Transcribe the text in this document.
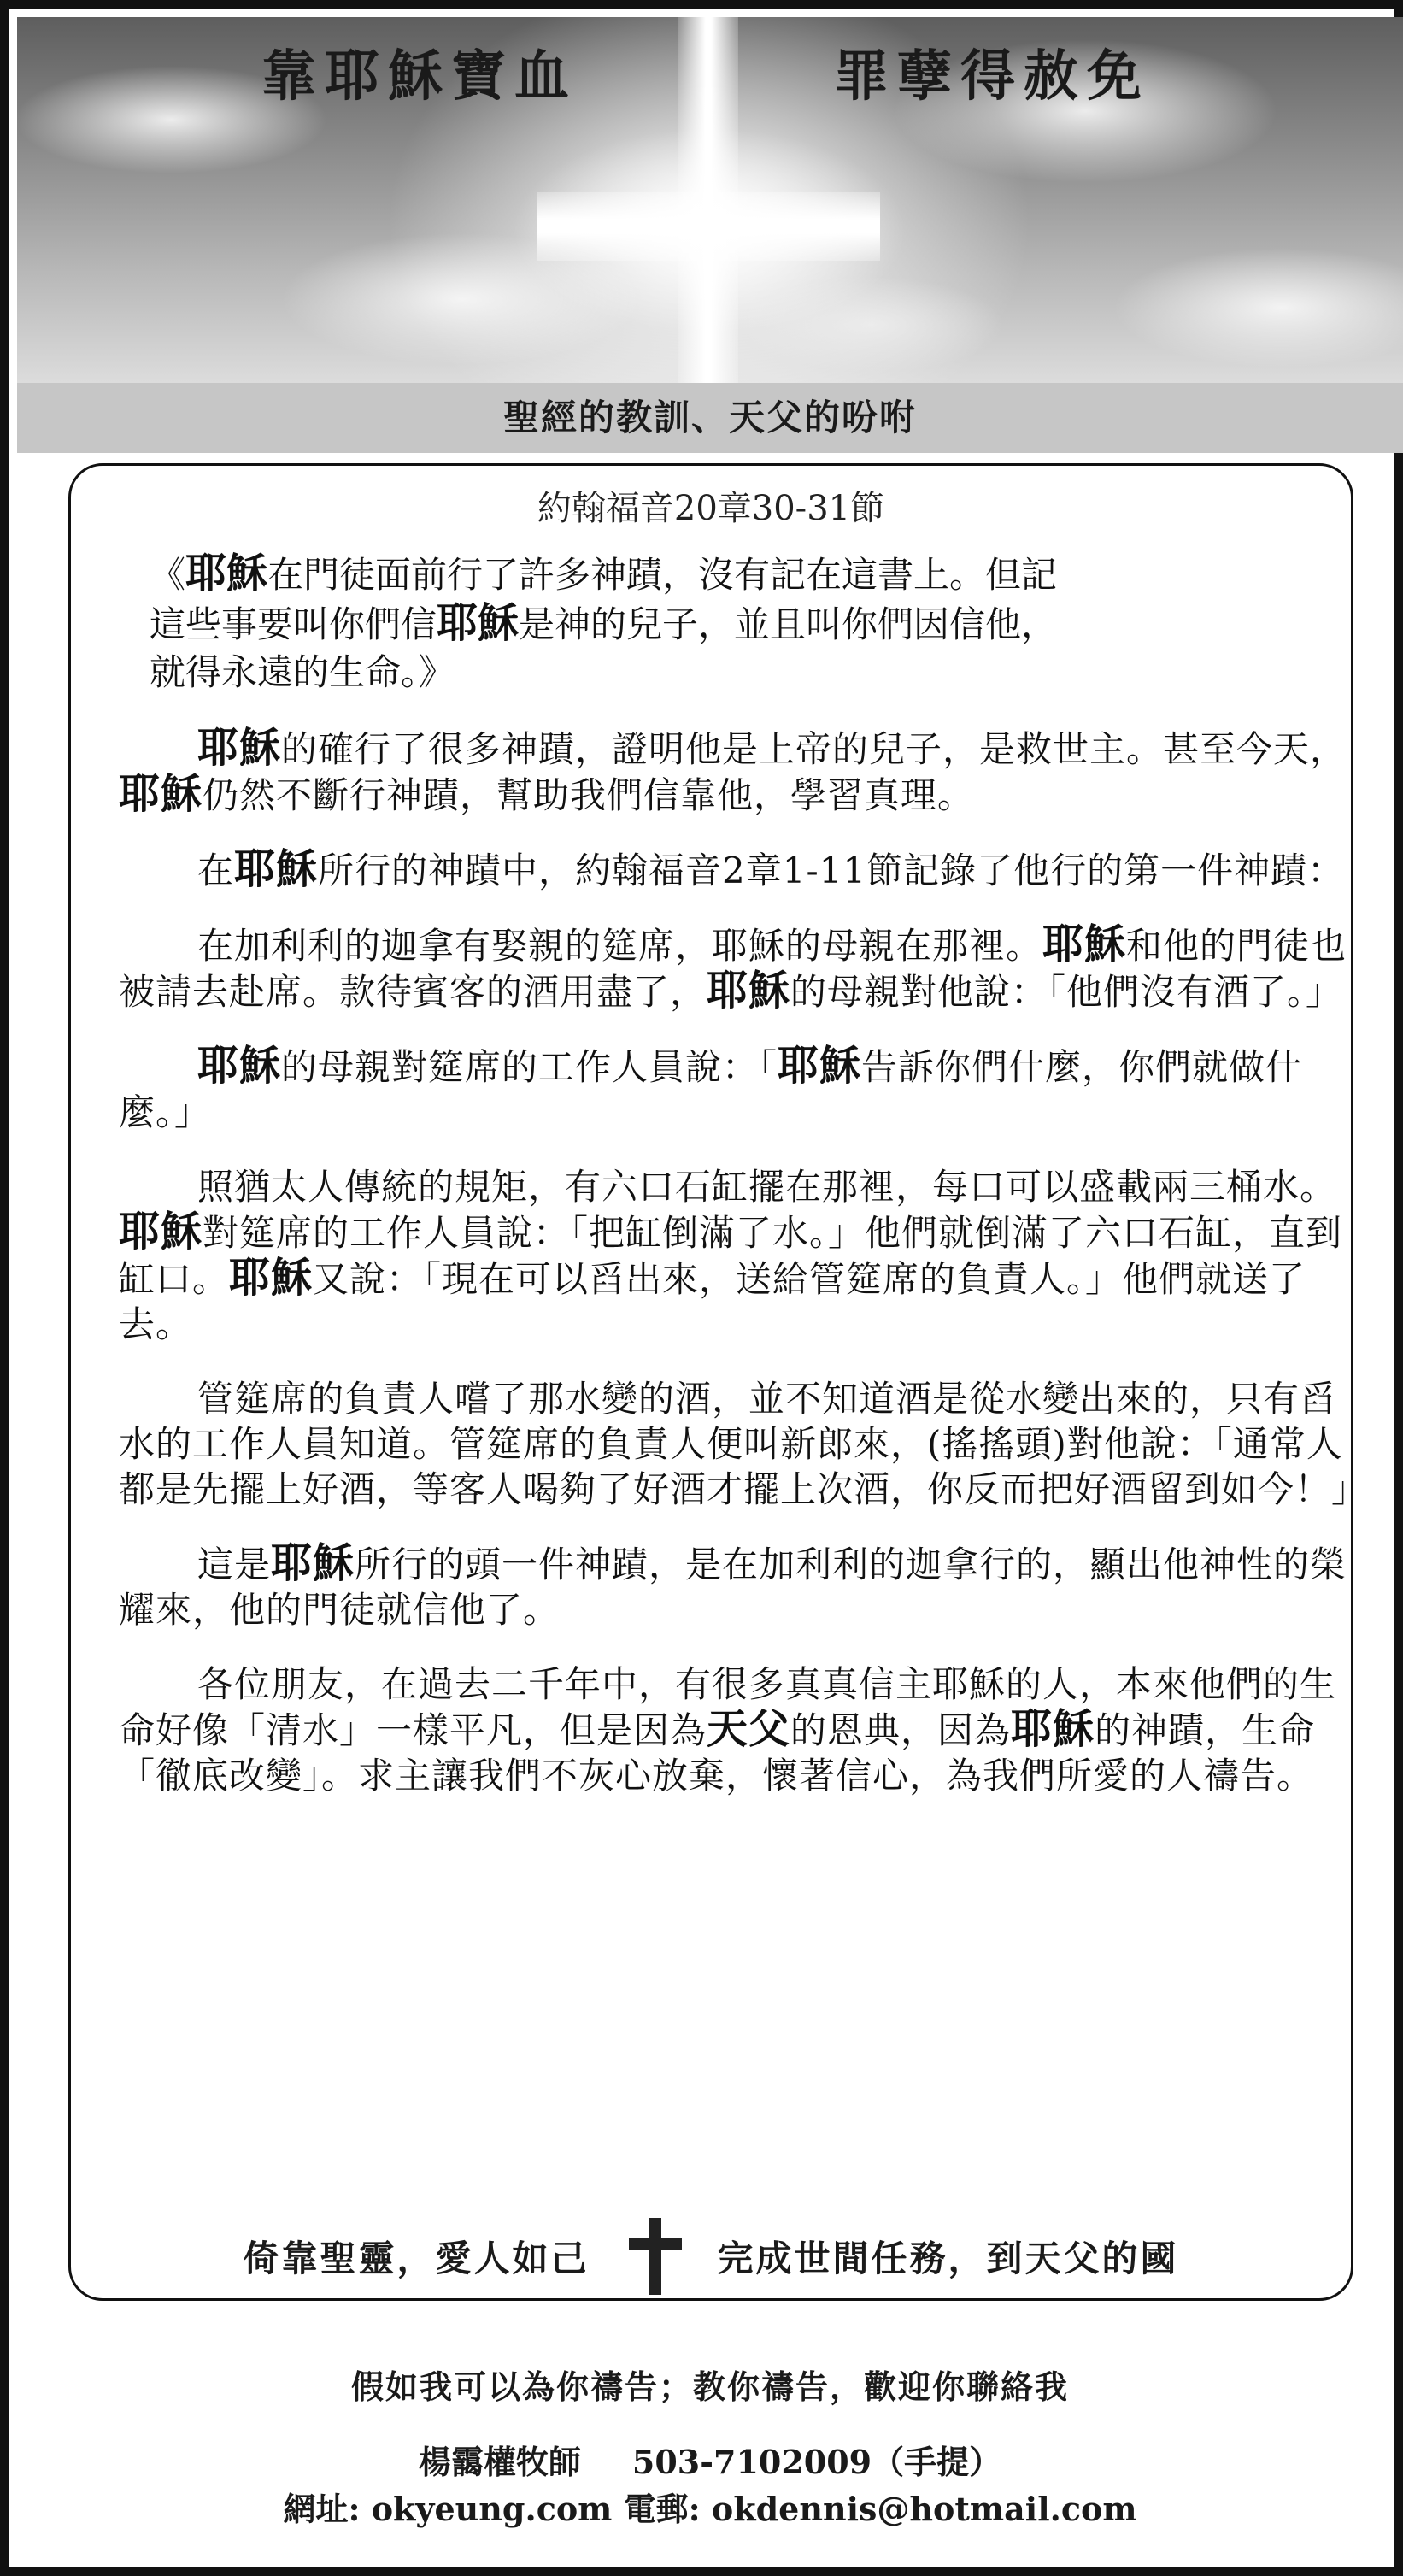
靠耶穌寶血	罪孽得赦免
聖經的教訓、天父的吩咐

約翰福音20章30-31節

《耶穌在門徒面前行了許多神蹟，沒有記在這書上。但記
這些事要叫你們信耶穌是神的兒子，並且叫你們因信他，
就得永遠的生命。》

耶穌的確行了很多神蹟，證明他是上帝的兒子，是救世主。甚至今天，耶穌仍然不斷行神蹟，幫助我們信靠他，學習真理。

在耶穌所行的神蹟中，約翰福音2章1-11節記錄了他行的第一件神蹟：

在加利利的迦拿有娶親的筵席，耶穌的母親在那裡。耶穌和他的門徒也被請去赴席。款待賓客的酒用盡了，耶穌的母親對他說：「他們沒有酒了。」

耶穌的母親對筵席的工作人員說：「耶穌告訴你們什麼，你們就做什麼。」

照猶太人傳統的規矩，有六口石缸擺在那裡，每口可以盛載兩三桶水。耶穌對筵席的工作人員說：「把缸倒滿了水。」他們就倒滿了六口石缸，直到缸口。耶穌又說：「現在可以舀出來，送給管筵席的負責人。」他們就送了去。

管筵席的負責人嚐了那水變的酒，並不知道酒是從水變出來的，只有舀水的工作人員知道。管筵席的負責人便叫新郎來，(搖搖頭)對他說：「通常人都是先擺上好酒，等客人喝夠了好酒才擺上次酒，你反而把好酒留到如今！」

這是耶穌所行的頭一件神蹟，是在加利利的迦拿行的，顯出他神性的榮耀來，他的門徒就信他了。

各位朋友，在過去二千年中，有很多真真信主耶穌的人，本來他們的生命好像「清水」一樣平凡，但是因為天父的恩典，因為耶穌的神蹟，生命「徹底改變」。求主讓我們不灰心放棄，懷著信心，為我們所愛的人禱告。

倚靠聖靈，愛人如己	完成世間任務，到天父的國
假如我可以為你禱告；教你禱告，歡迎你聯絡我
楊靄權牧師 503-7102009（手提）
網址: okyeung.com 電郵: okdennis@hotmail.com
